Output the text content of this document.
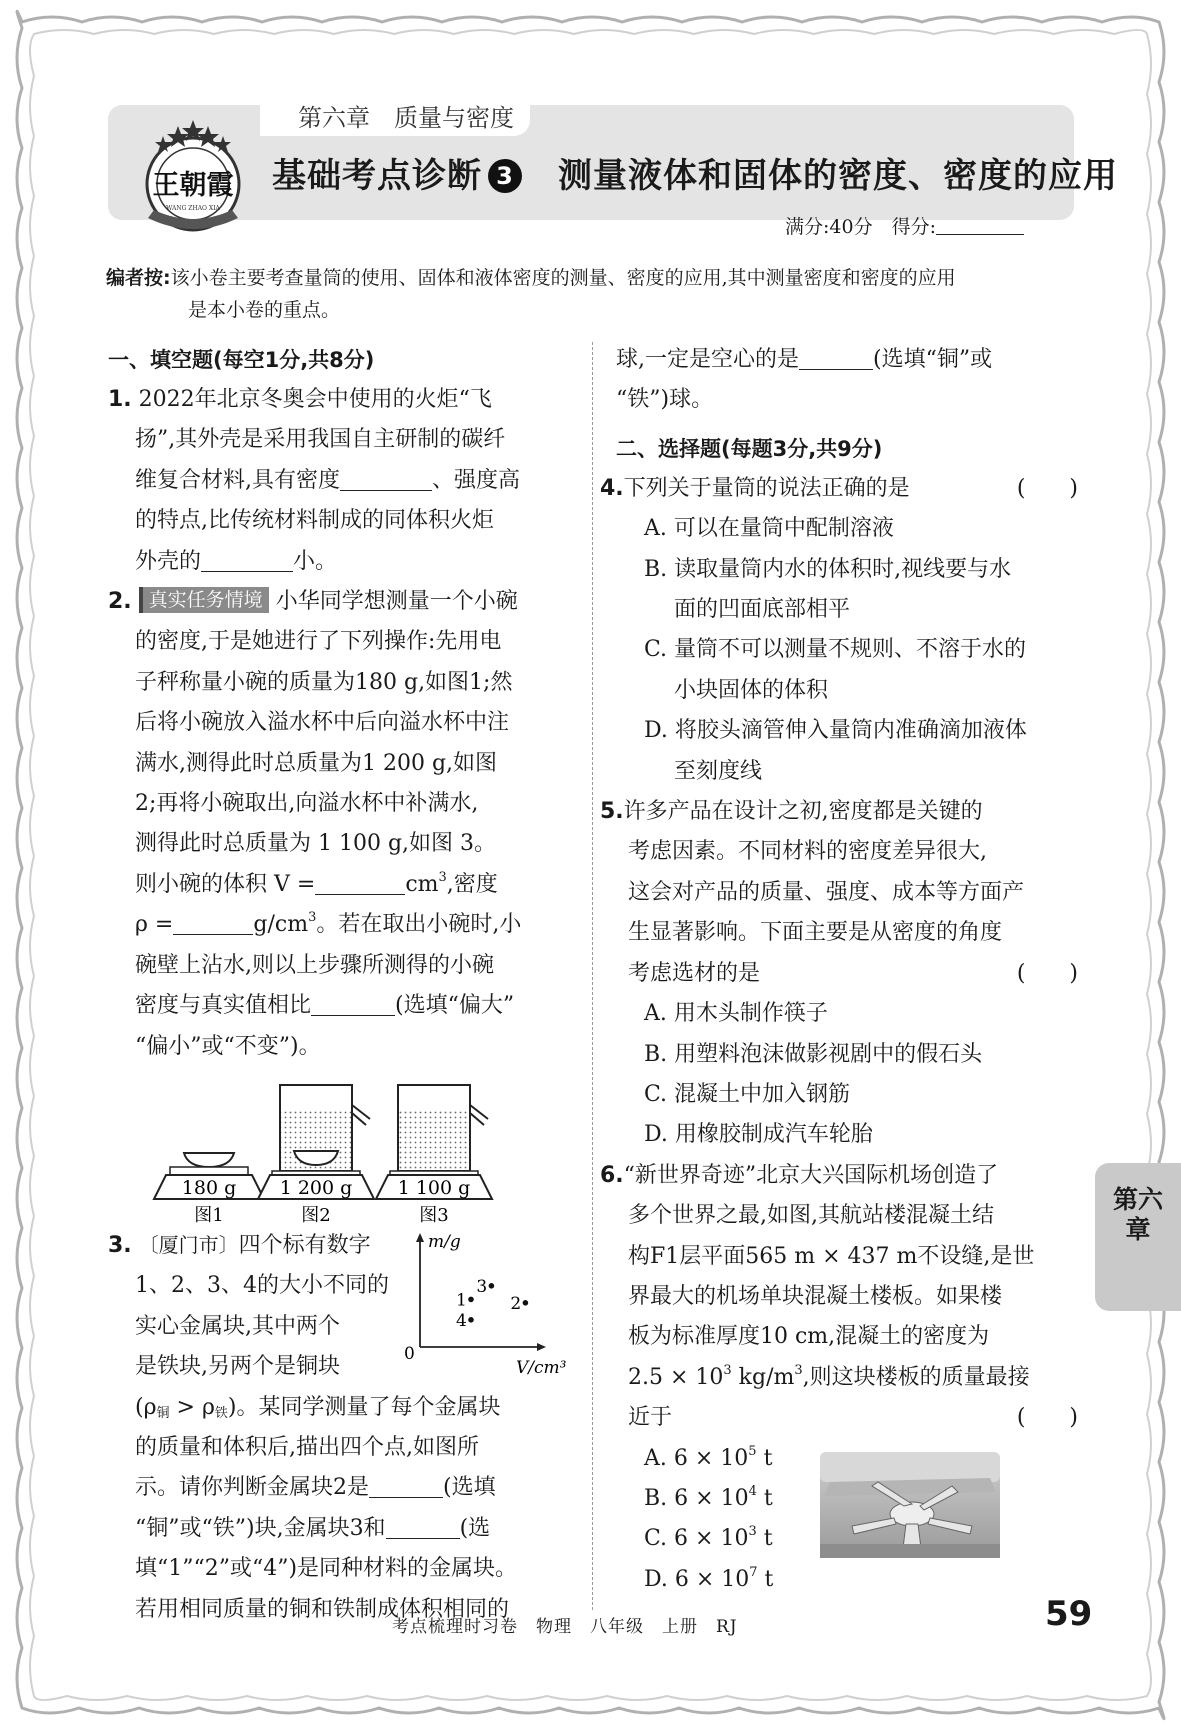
第六章　质量与密度
王朝霞
WANG ZHAO XIA
基础考点诊断 3 测量液体和固体的密度、密度的应用
满分:40分　得分:
编者按:该小卷主要考查量筒的使用、固体和液体密度的测量、密度的应用,其中测量密度和密度的应用
是本小卷的重点。
一、填空题(每空1分,共8分)

1. 2022年北京冬奥会中使用的火炬“飞

扬”,其外壳是采用我国自主研制的碳纤

维复合材料,具有密度	、强度高

的特点,比传统材料制成的同体积火炬

外壳的	小。

2. 真实任务情境 小华同学想测量一个小碗

的密度,于是她进行了下列操作:先用电

子秤称量小碗的质量为180 g,如图1;然

后将小碗放入溢水杯中后向溢水杯中注

满水,测得此时总质量为1 200 g,如图

2;再将小碗取出,向溢水杯中补满水,

测得此时总质量为 1 100 g,如图 3。

则小碗的体积 V =	$cm^3$,密度

ρ =	$g/cm^3$。若在取出小碗时,小

碗壁上沾水,则以上步骤所测得的小碗

密度与真实值相比	(选填“偏大”

“偏小”或“不变”)。

180 g
图1
1 200 g
图2
1 100 g
图3
m/g
V/cm³
0
1	2
3
4

3. 〔厦门市〕四个标有数字

1、2、3、4的大小不同的

实心金属块,其中两个

是铁块,另两个是铜块

$(\rho_铜 > \rho_铁)$。某同学测量了每个金属块

的质量和体积后,描出四个点,如图所

示。请你判断金属块2是	(选填

“铜”或“铁”)块,金属块3和	(选

填“1”“2”或“4”)是同种材料的金属块。

若用相同质量的铜和铁制成体积相同的

球,一定是空心的是	(选填“铜”或

“铁”)球。

二、选择题(每题3分,共9分)

4.下列关于量筒的说法正确的是	(　　)

A. 可以在量筒中配制溶液

B. 读取量筒内水的体积时,视线要与水
面的凹面底部相平

C. 量筒不可以测量不规则、不溶于水的
小块固体的体积

D. 将胶头滴管伸入量筒内准确滴加液体
至刻度线

5.许多产品在设计之初,密度都是关键的

考虑因素。不同材料的密度差异很大,

这会对产品的质量、强度、成本等方面产

生显著影响。下面主要是从密度的角度

考虑选材的是	(　　)

A. 用木头制作筷子

B. 用塑料泡沫做影视剧中的假石头

C. 混凝土中加入钢筋

D. 用橡胶制成汽车轮胎

6.“新世界奇迹”北京大兴国际机场创造了

多个世界之最,如图,其航站楼混凝土结

构F1层平面565 m × 437 m不设缝,是世

界最大的机场单块混凝土楼板。如果楼

板为标准厚度10 cm,混凝土的密度为

$2.5 \times 10^3$ $kg/m^3$,则这块楼板的质量最接

近于	(　　)

A. $6 \times 10^5$ t

B. $6 \times 10^4$ t

C. $6 \times 10^3$ t

D. $6 \times 10^7$ t

第六章
考点梳理时习卷　物理　八年级　上册　RJ	59
